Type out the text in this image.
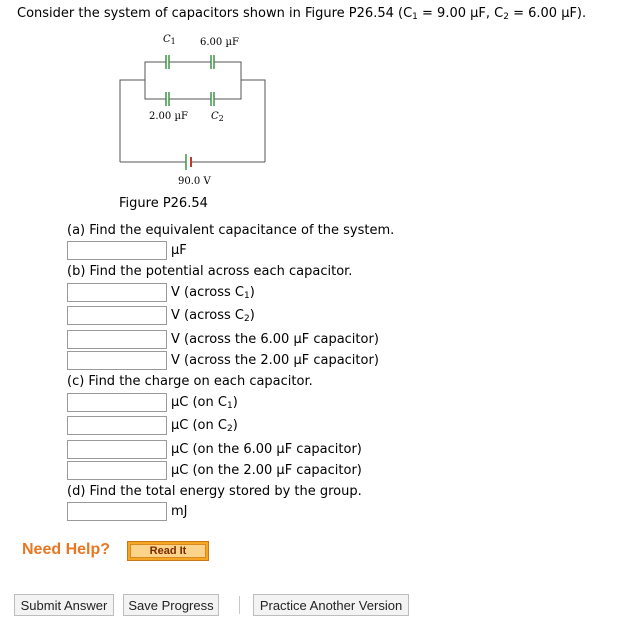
Consider the system of capacitors shown in Figure P26.54 ($C_1 = 9.00$ µF, $C_2 = 6.00$ µF).
$C_1$ 6.00 µF
2.00 µF $C_2$
90.0 V
Figure P26.54
(a) Find the equivalent capacitance of the system.
µF
(b) Find the potential across each capacitor.
V (across $C_1$)
V (across $C_2$)
V (across the 6.00 µF capacitor)
V (across the 2.00 µF capacitor)
(c) Find the charge on each capacitor.
µC (on $C_1$)
µC (on $C_2$)
µC (on the 6.00 µF capacitor)
µC (on the 2.00 µF capacitor)
(d) Find the total energy stored by the group.
mJ
Need Help?	Read It
Submit Answer	Save Progress	Practice Another Version
